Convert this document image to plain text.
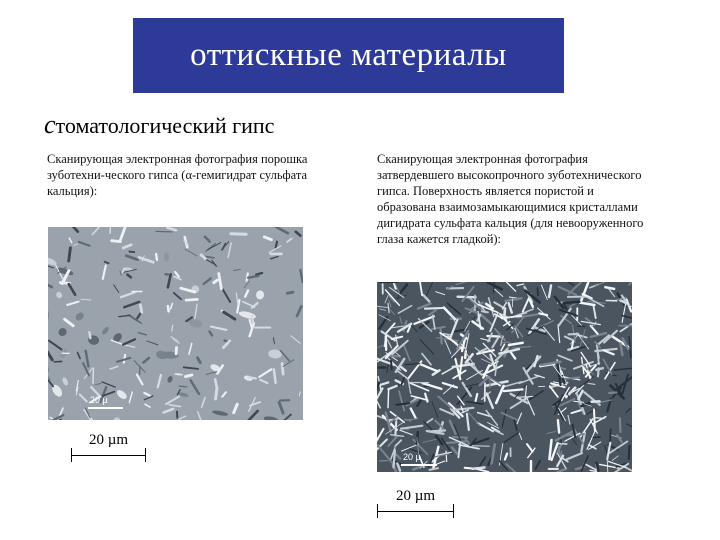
оттискные материалы
стоматологический гипс
Сканирующая электронная фотография порошка зуботехни-ческого гипса (α-гемигидрат сульфата кальция):
Сканирующая электронная фотография затвердевшего высокопрочного зуботехнического гипса. Поверхность является пористой и образована взаимозамыкающимися кристаллами дигидрата сульфата кальция (для невооруженного глаза кажется гладкой):
20 µ
20 µ
20 µm
20 µm
